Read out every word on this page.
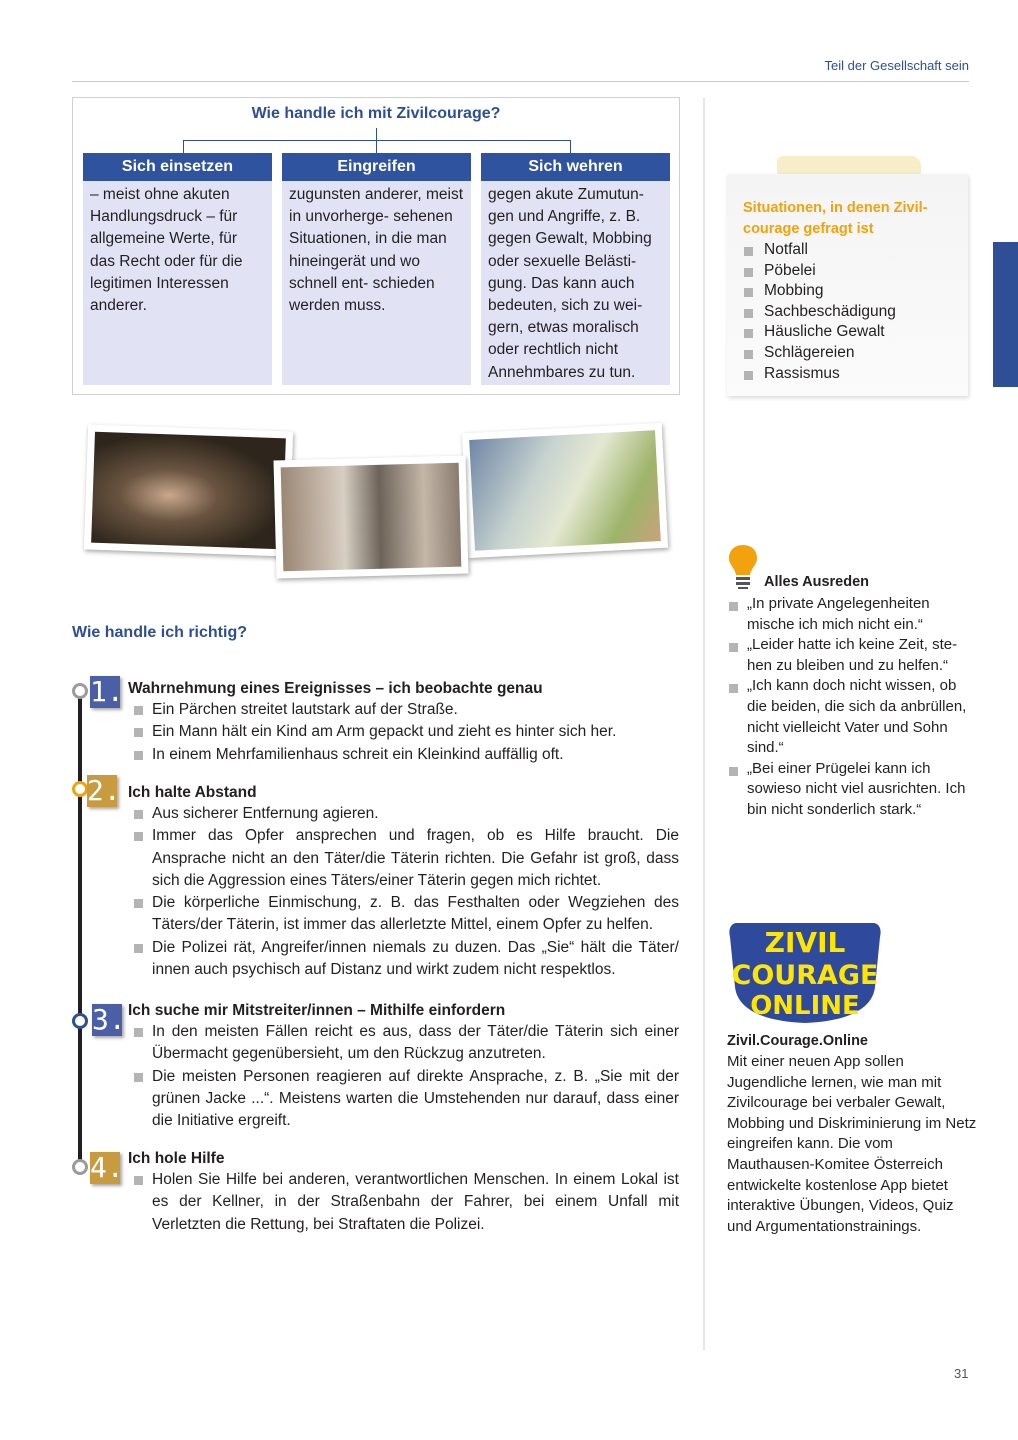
Teil der Gesellschaft sein
Wie handle ich mit Zivilcourage?
Sich einsetzen
– meist ohne akuten Handlungsdruck – für allgemeine Werte, für das Recht oder für die legitimen Interessen anderer.
Eingreifen
zugunsten anderer, meist in unvorherge- sehenen Situationen, in die man hineingerät und wo schnell ent- schieden werden muss.
Sich wehren
gegen akute Zumutun- gen und Angriffe, z. B. gegen Gewalt, Mobbing oder sexuelle Belästi- gung. Das kann auch bedeuten, sich zu wei- gern, etwas moralisch oder rechtlich nicht Annehmbares zu tun.
Situationen, in denen Zivil- courage gefragt ist
Notfall
Pöbelei
Mobbing
Sachbeschädigung
Häusliche Gewalt
Schlägereien
Rassismus
Alles Ausreden
„In private Angelegenheiten mische ich mich nicht ein.“
„Leider hatte ich keine Zeit, ste- hen zu bleiben und zu helfen.“
„Ich kann doch nicht wissen, ob die beiden, die sich da anbrüllen, nicht vielleicht Vater und Sohn sind.“
„Bei einer Prügelei kann ich sowieso nicht viel ausrichten. Ich bin nicht sonderlich stark.“
ZIVIL
COURAGE
ONLINE
Zivil.Courage.Online
Mit einer neuen App sollen Jugendliche lernen, wie man mit Zivilcourage bei verbaler Gewalt, Mobbing und Diskriminierung im Netz eingreifen kann. Die vom Mauthausen-Komitee Österreich entwickelte kostenlose App bietet interaktive Übungen, Videos, Quiz und Argumentationstrainings.
Wie handle ich richtig?
1.
2.
3.
4.
Wahrnehmung eines Ereignisses – ich beobachte genau
Ein Pärchen streitet lautstark auf der Straße.
Ein Mann hält ein Kind am Arm gepackt und zieht es hinter sich her.
In einem Mehrfamilienhaus schreit ein Kleinkind auffällig oft.
Ich halte Abstand
Aus sicherer Entfernung agieren.
Immer das Opfer ansprechen und fragen, ob es Hilfe braucht. Die Ansprache nicht an den Täter/die Täterin richten. Die Gefahr ist groß, dass sich die Aggression eines Täters/einer Täterin gegen mich richtet.
Die körperliche Einmischung, z. B. das Festhalten oder Wegziehen des Täters/der Täterin, ist immer das allerletzte Mittel, einem Opfer zu helfen.
Die Polizei rät, Angreifer/innen niemals zu duzen. Das „Sie“ hält die Täter/ innen auch psychisch auf Distanz und wirkt zudem nicht respektlos.
Ich suche mir Mitstreiter/innen – Mithilfe einfordern
In den meisten Fällen reicht es aus, dass der Täter/die Täterin sich einer Übermacht gegenübersieht, um den Rückzug anzutreten.
Die meisten Personen reagieren auf direkte Ansprache, z. B. „Sie mit der grünen Jacke ...“. Meistens warten die Umstehenden nur darauf, dass einer die Initiative ergreift.
Ich hole Hilfe
Holen Sie Hilfe bei anderen, verantwortlichen Menschen. In einem Lokal ist es der Kellner, in der Straßenbahn der Fahrer, bei einem Unfall mit Verletzten die Rettung, bei Straftaten die Polizei.
31
